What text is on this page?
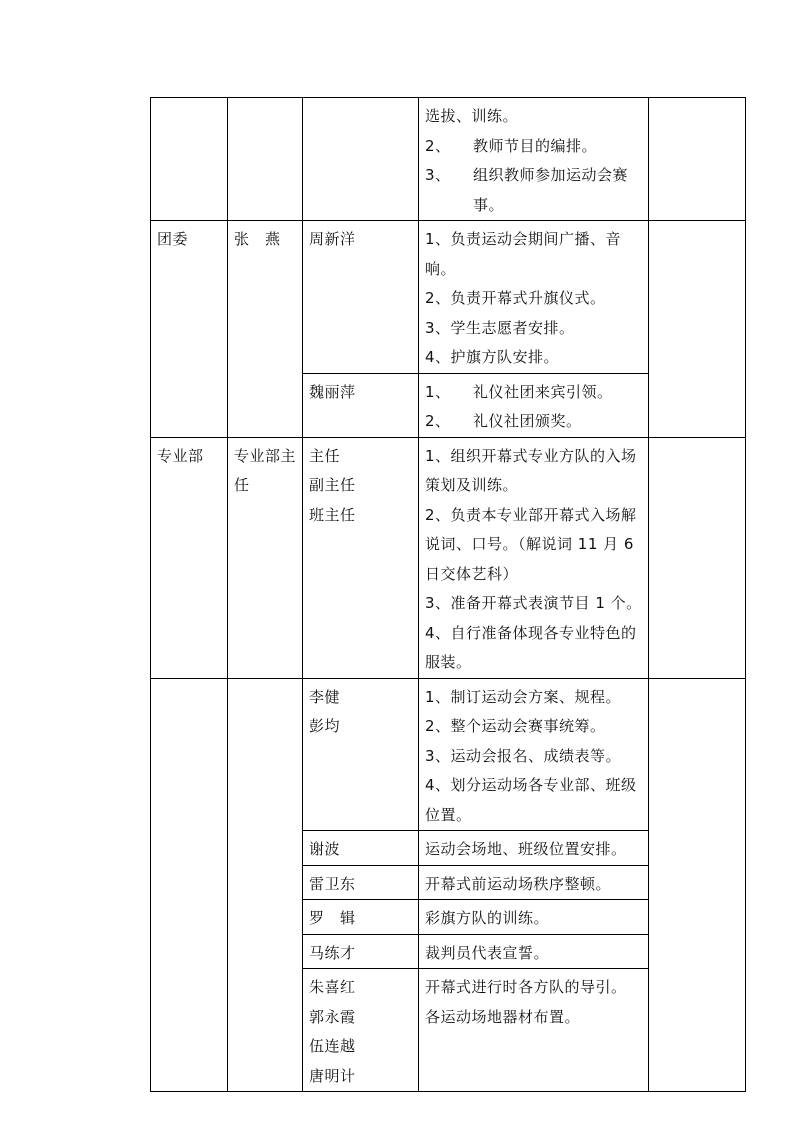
			选拔、训练。
2、 教师节目的编排。
3、 组织教师参加运动会赛事。	

团委	张　燕	周新洋	1、负责运动会期间广播、音响。
2、负责开幕式升旗仪式。
3、学生志愿者安排。
4、护旗方队安排。	

		魏丽萍	1、 礼仪社团来宾引领。
2、 礼仪社团颁奖。	

专业部	专业部主任	主任
副主任
班主任	1、组织开幕式专业方队的入场策划及训练。
2、负责本专业部开幕式入场解说词、口号。（解说词 11 月 6 日交体艺科）
3、准备开幕式表演节目 1 个。
4、自行准备体现各专业特色的服装。	

		李健
彭均	1、制订运动会方案、规程。
2、整个运动会赛事统筹。
3、运动会报名、成绩表等。
4、划分运动场各专业部、班级位置。	

		谢波	运动会场地、班级位置安排。	

		雷卫东	开幕式前运动场秩序整顿。	

		罗　辑	彩旗方队的训练。	

		马练才	裁判员代表宣誓。	

		朱喜红
郭永霞
伍连越
唐明计	开幕式进行时各方队的导引。
各运动场地器材布置。	
